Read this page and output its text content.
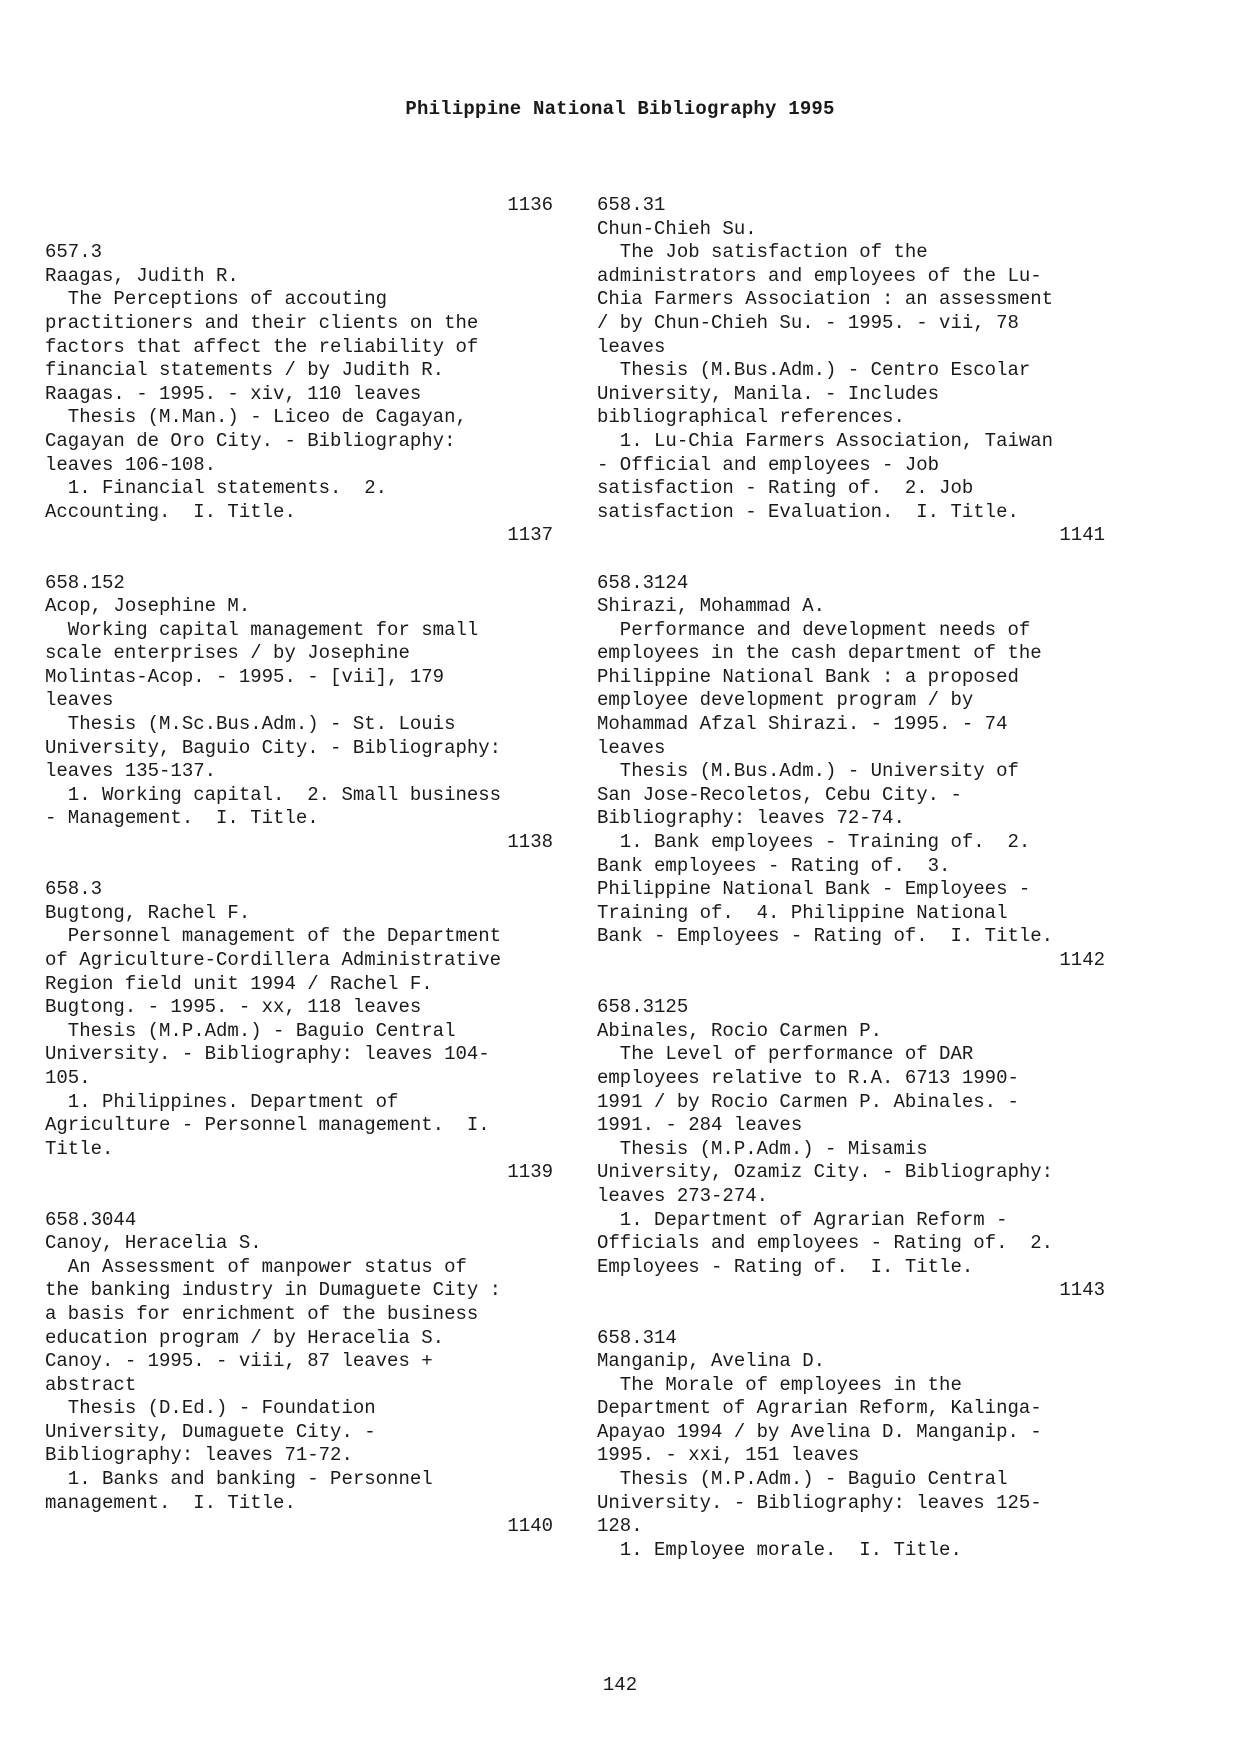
Philippine National Bibliography 1995
1136
657.3
Raagas, Judith R.
The Perceptions of accouting
practitioners and their clients on the
factors that affect the reliability of
financial statements / by Judith R.
Raagas. - 1995. - xiv, 110 leaves
Thesis (M.Man.) - Liceo de Cagayan,
Cagayan de Oro City. - Bibliography:
leaves 106-108.
1. Financial statements.  2.
Accounting.  I. Title.
1137
658.152
Acop, Josephine M.
Working capital management for small
scale enterprises / by Josephine
Molintas-Acop. - 1995. - [vii], 179
leaves
Thesis (M.Sc.Bus.Adm.) - St. Louis
University, Baguio City. - Bibliography:
leaves 135-137.
1. Working capital.  2. Small business
- Management.  I. Title.
1138
658.3
Bugtong, Rachel F.
Personnel management of the Department
of Agriculture-Cordillera Administrative
Region field unit 1994 / Rachel F.
Bugtong. - 1995. - xx, 118 leaves
Thesis (M.P.Adm.) - Baguio Central
University. - Bibliography: leaves 104-
105.
1. Philippines. Department of
Agriculture - Personnel management.  I.
Title.
1139
658.3044
Canoy, Heracelia S.
An Assessment of manpower status of
the banking industry in Dumaguete City :
a basis for enrichment of the business
education program / by Heracelia S.
Canoy. - 1995. - viii, 87 leaves +
abstract
Thesis (D.Ed.) - Foundation
University, Dumaguete City. -
Bibliography: leaves 71-72.
1. Banks and banking - Personnel
management.  I. Title.
1140
658.31
Chun-Chieh Su.
The Job satisfaction of the
administrators and employees of the Lu-
Chia Farmers Association : an assessment
/ by Chun-Chieh Su. - 1995. - vii, 78
leaves
Thesis (M.Bus.Adm.) - Centro Escolar
University, Manila. - Includes
bibliographical references.
1. Lu-Chia Farmers Association, Taiwan
- Official and employees - Job
satisfaction - Rating of.  2. Job
satisfaction - Evaluation.  I. Title.
1141
658.3124
Shirazi, Mohammad A.
Performance and development needs of
employees in the cash department of the
Philippine National Bank : a proposed
employee development program / by
Mohammad Afzal Shirazi. - 1995. - 74
leaves
Thesis (M.Bus.Adm.) - University of
San Jose-Recoletos, Cebu City. -
Bibliography: leaves 72-74.
1. Bank employees - Training of.  2.
Bank employees - Rating of.  3.
Philippine National Bank - Employees -
Training of.  4. Philippine National
Bank - Employees - Rating of.  I. Title.
1142
658.3125
Abinales, Rocio Carmen P.
The Level of performance of DAR
employees relative to R.A. 6713 1990-
1991 / by Rocio Carmen P. Abinales. -
1991. - 284 leaves
Thesis (M.P.Adm.) - Misamis
University, Ozamiz City. - Bibliography:
leaves 273-274.
1. Department of Agrarian Reform -
Officials and employees - Rating of.  2.
Employees - Rating of.  I. Title.
1143
658.314
Manganip, Avelina D.
The Morale of employees in the
Department of Agrarian Reform, Kalinga-
Apayao 1994 / by Avelina D. Manganip. -
1995. - xxi, 151 leaves
Thesis (M.P.Adm.) - Baguio Central
University. - Bibliography: leaves 125-
128.
1. Employee morale.  I. Title.
142
